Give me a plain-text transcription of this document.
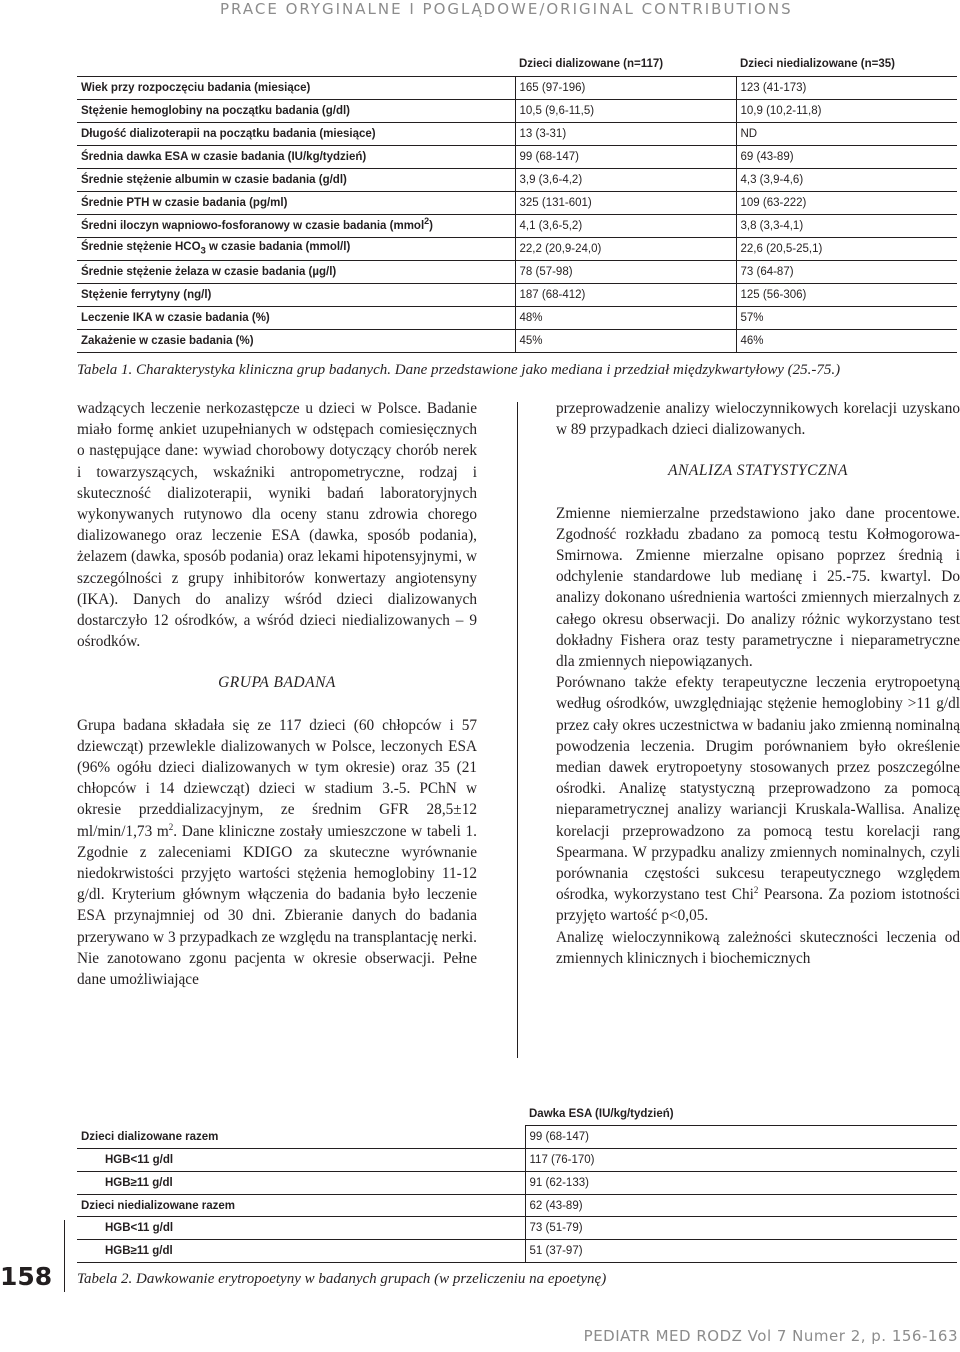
PRACE ORYGINALNE I POGLĄDOWE/ORIGINAL CONTRIBUTIONS
	Dzieci dializowane (n=117)	Dzieci niedializowane (n=35)
Wiek przy rozpoczęciu badania (miesiące)	165 (97-196)	123 (41-173)
Stężenie hemoglobiny na początku badania (g/dl)	10,5 (9,6-11,5)	10,9 (10,2-11,8)
Długość dializoterapii na początku badania (miesiące)	13 (3-31)	ND
Średnia dawka ESA w czasie badania (IU/kg/tydzień)	99 (68-147)	69 (43-89)
Średnie stężenie albumin w czasie badania (g/dl)	3,9 (3,6-4,2)	4,3 (3,9-4,6)
Średnie PTH w czasie badania (pg/ml)	325 (131-601)	109 (63-222)
Średni iloczyn wapniowo-fosforanowy w czasie badania (mmol$^2$)	4,1 (3,6-5,2)	3,8 (3,3-4,1)
Średnie stężenie $HCO_3$ w czasie badania (mmol/l)	22,2 (20,9-24,0)	22,6 (20,5-25,1)
Średnie stężenie żelaza w czasie badania (µg/l)	78 (57-98)	73 (64-87)
Stężenie ferrytyny (ng/l)	187 (68-412)	125 (56-306)
Leczenie IKA w czasie badania (%)	48%	57%
Zakażenie w czasie badania (%)	45%	46%
Tabela 1. Charakterystyka kliniczna grup badanych. Dane przedstawione jako mediana i przedział międzykwartyłowy (25.-75.)

wadzących leczenie nerkozastępcze u dzieci w Polsce. Badanie miało formę ankiet uzupełnianych w odstępach comiesięcznych o następujące dane: wywiad chorobowy dotyczący chorób nerek i towarzyszących, wskaźniki antropometryczne, rodzaj i skuteczność dializoterapii, wyniki badań laboratoryjnych wykonywanych rutynowo dla oceny stanu zdrowia chorego dializowanego oraz leczenie ESA (dawka, sposób podania), żelazem (dawka, sposób podania) oraz lekami hipotensyjnymi, w szczególności z grupy inhibitorów konwertazy angiotensyny (IKA). Danych do analizy wśród dzieci dializowanych dostarczyło 12 ośrodków, a wśród dzieci niedializowanych – 9 ośrodków.

GRUPA BADANA

Grupa badana składała się ze 117 dzieci (60 chłopców i 57 dziewcząt) przewlekle dializowanych w Polsce, leczonych ESA (96% ogółu dzieci dializowanych w tym okresie) oraz 35 (21 chłopców i 14 dziewcząt) dzieci w stadium 3.-5. PChN w okresie przeddializacyjnym, ze średnim GFR 28,5±12 ml/min/1,73 $m^2$. Dane kliniczne zostały umieszczone w tabeli 1. Zgodnie z zaleceniami KDIGO za skuteczne wyrównanie niedokrwistości przyjęto wartości stężenia hemoglobiny 11-12 g/dl. Kryterium głównym włączenia do badania było leczenie ESA przynajmniej od 30 dni. Zbieranie danych do badania przerywano w 3 przypadkach ze względu na transplantację nerki. Nie zanotowano zgonu pacjenta w okresie obserwacji. Pełne dane umożliwiające

przeprowadzenie analizy wieloczynnikowych korelacji uzyskano w 89 przypadkach dzieci dializowanych.

ANALIZA STATYSTYCZNA

Zmienne niemierzalne przedstawiono jako dane procentowe. Zgodność rozkładu zbadano za pomocą testu Kołmogorowa-Smirnowa. Zmienne mierzalne opisano poprzez średnią i odchylenie standardowe lub medianę i 25.-75. kwartyl. Do analizy dokonano uśrednienia wartości zmiennych mierzalnych z całego okresu obserwacji. Do analizy różnic wykorzystano test dokładny Fishera oraz testy parametryczne i nieparametryczne dla zmiennych niepowiązanych.

Porównano także efekty terapeutyczne leczenia erytropoetyną według ośrodków, uwzględniając stężenie hemoglobiny >11 g/dl przez cały okres uczestnictwa w badaniu jako zmienną nominalną powodzenia leczenia. Drugim porównaniem było określenie median dawek erytropoetyny stosowanych przez poszczególne ośrodki. Analizę statystyczną przeprowadzono za pomocą nieparametrycznej analizy wariancji Kruskala-Wallisa. Analizę korelacji przeprowadzono za pomocą testu korelacji rang Spearmana. W przypadku analizy zmiennych nominalnych, czyli porównania częstości sukcesu terapeutycznego względem ośrodka, wykorzystano test Chi$^2$ Pearsona. Za poziom istotności przyjęto wartość p<0,05.

Analizę wieloczynnikową zależności skuteczności leczenia od zmiennych klinicznych i biochemicznych

	Dawka ESA (IU/kg/tydzień)
Dzieci dializowane razem	99 (68-147)
HGB<11 g/dl	117 (76-170)
HGB≥11 g/dl	91 (62-133)
Dzieci niedializowane razem	62 (43-89)
HGB<11 g/dl	73 (51-79)
HGB≥11 g/dl	51 (37-97)
Tabela 2. Dawkowanie erytropoetyny w badanych grupach (w przeliczeniu na epoetynę)
158
PEDIATR MED RODZ Vol 7 Numer 2, p. 156-163
